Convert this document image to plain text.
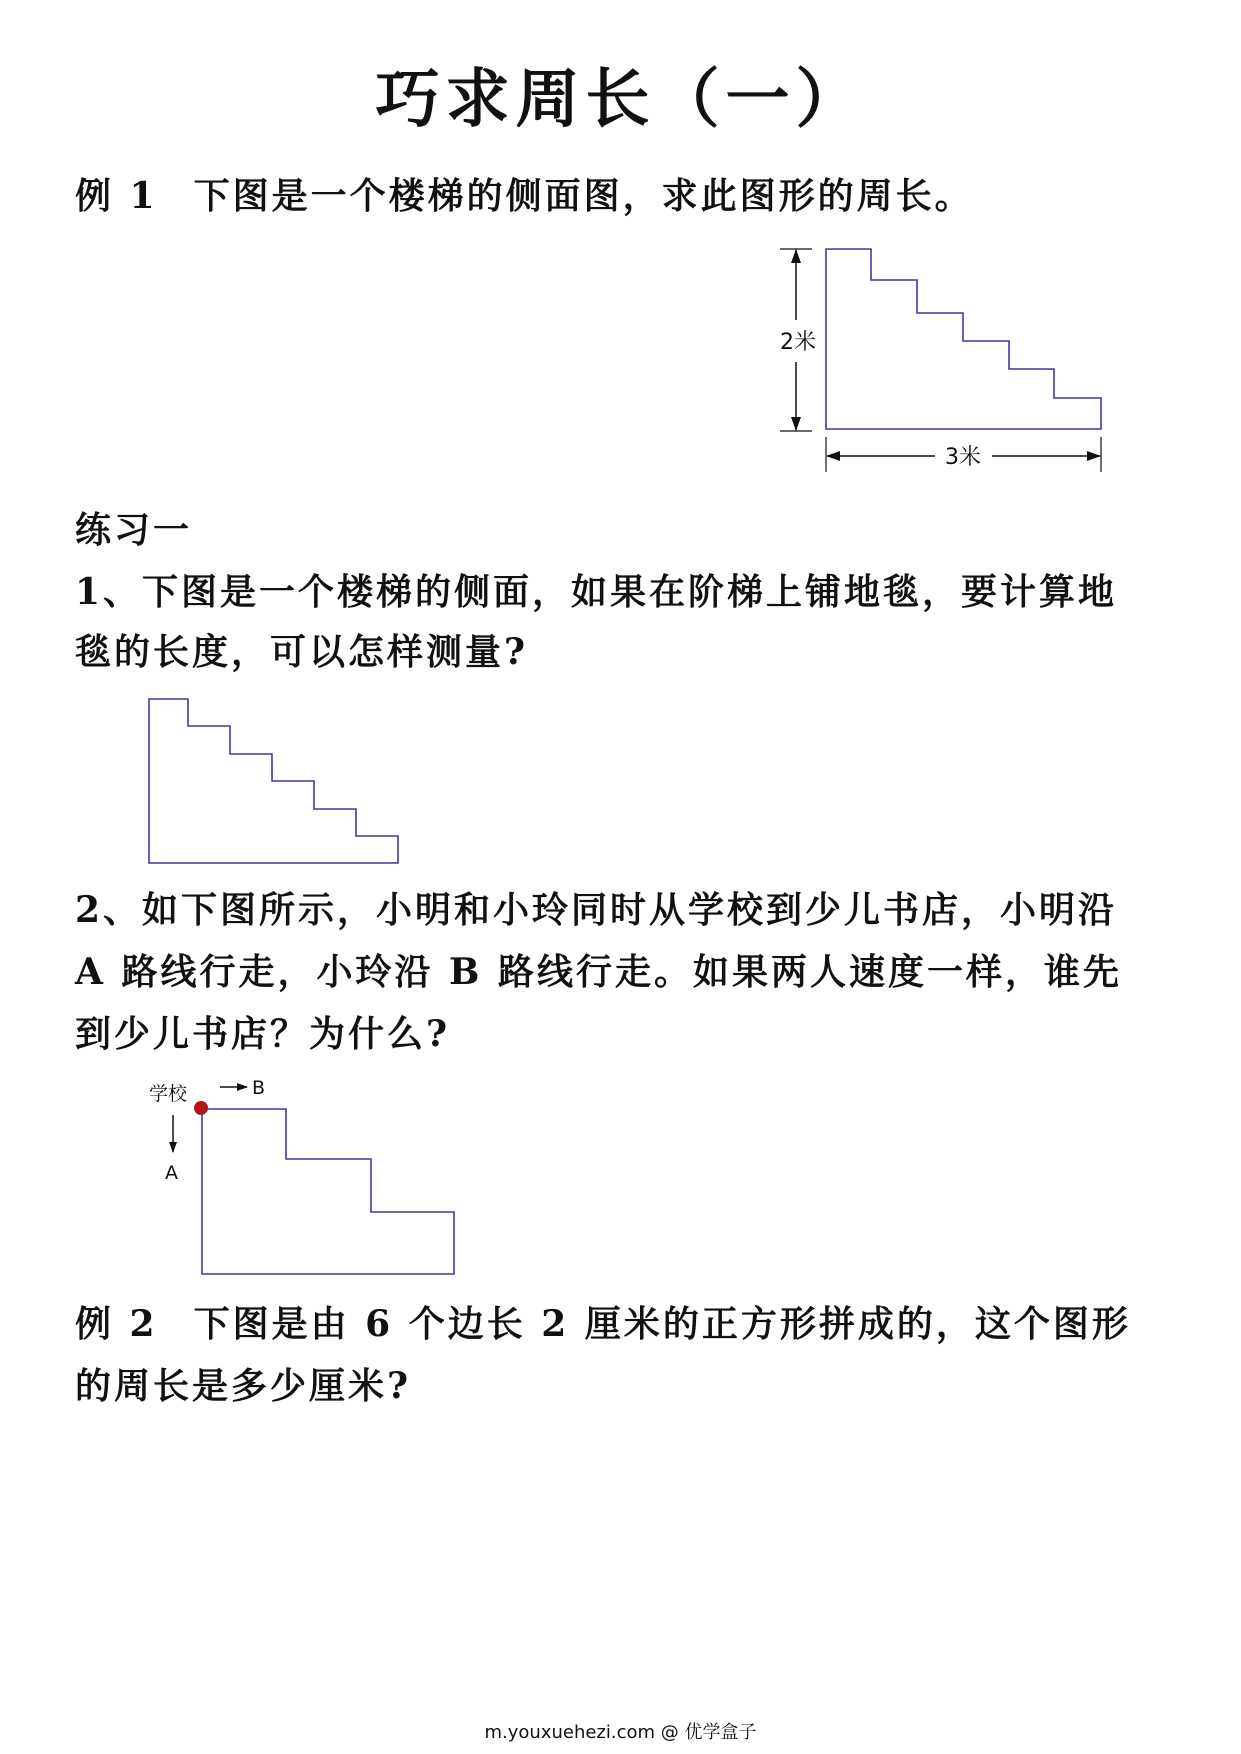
巧求周长（一）
例 1 下图是一个楼梯的侧面图，求此图形的周长。
2米
3米
练习一
1、下图是一个楼梯的侧面，如果在阶梯上铺地毯，要计算地
毯的长度，可以怎样测量?
2、如下图所示，小明和小玲同时从学校到少儿书店，小明沿
A 路线行走，小玲沿 B 路线行走。如果两人速度一样，谁先
到少儿书店？为什么?
学校	B
A
例 2 下图是由 6 个边长 2 厘米的正方形拼成的，这个图形
的周长是多少厘米?
m.youxuehezi.com @ 优学盒子
